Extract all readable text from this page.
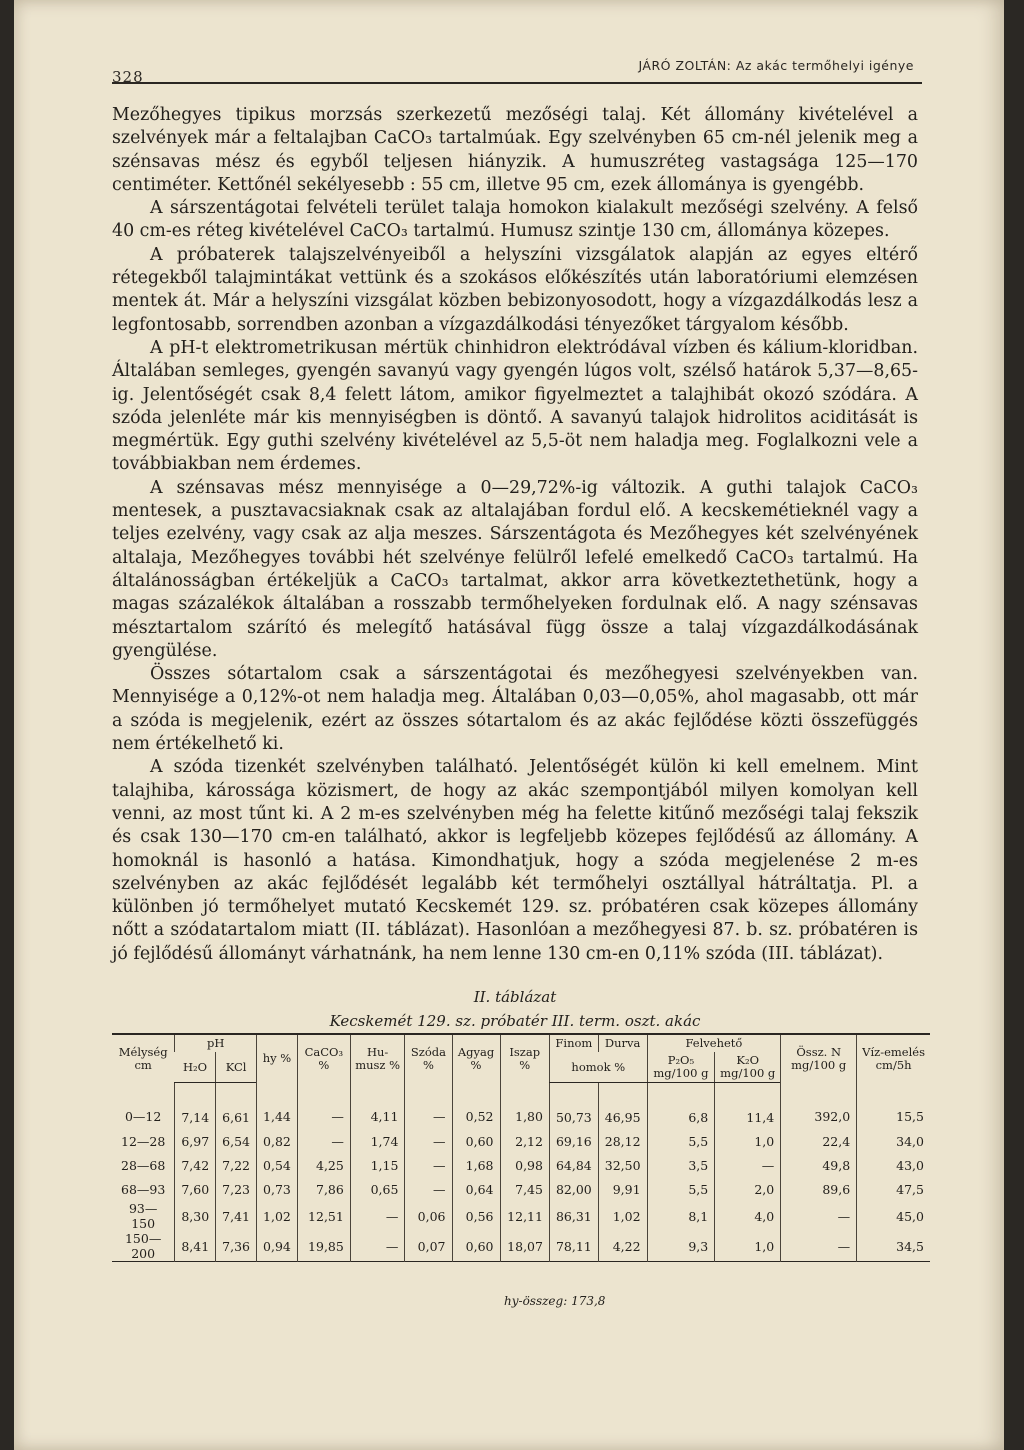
328
JÁRÓ ZOLTÁN: Az akác termőhelyi igénye

Mezőhegyes tipikus morzsás szerkezetű mezőségi talaj. Két állomány kivételével a szelvények már a feltalajban CaCO₃ tartalmúak. Egy szelvényben 65 cm-nél jelenik meg a szénsavas mész és egyből teljesen hiányzik. A humuszréteg vastagsága 125—170 centiméter. Kettőnél sekélyesebb : 55 cm, illetve 95 cm, ezek állománya is gyengébb.

A sárszentágotai felvételi terület talaja homokon kialakult mezőségi szelvény. A felső 40 cm-es réteg kivételével CaCO₃ tartalmú. Humusz szintje 130 cm, állománya közepes.

A próbaterek talajszelvényeiből a helyszíni vizsgálatok alapján az egyes eltérő rétegekből talajmintákat vettünk és a szokásos előkészítés után laboratóriumi elemzésen mentek át. Már a helyszíni vizsgálat közben bebizonyosodott, hogy a vízgazdálkodás lesz a legfontosabb, sorrendben azonban a vízgazdálkodási tényezőket tárgyalom később.

A pH-t elektrometrikusan mértük chinhidron elektródával vízben és kálium-kloridban. Általában semleges, gyengén savanyú vagy gyengén lúgos volt, szélső határok 5,37—8,65-ig. Jelentőségét csak 8,4 felett látom, amikor figyelmeztet a talajhibát okozó szódára. A szóda jelenléte már kis mennyiségben is döntő. A savanyú talajok hidrolitos aciditását is megmértük. Egy guthi szelvény kivételével az 5,5-öt nem haladja meg. Foglalkozni vele a továbbiakban nem érdemes.

A szénsavas mész mennyisége a 0—29,72%-ig változik. A guthi talajok CaCO₃ mentesek, a pusztavacsiaknak csak az altalajában fordul elő. A kecskemétieknél vagy a teljes ezelvény, vagy csak az alja meszes. Sárszentágota és Mezőhegyes két szelvényének altalaja, Mezőhegyes további hét szelvénye felülről lefelé emelkedő CaCO₃ tartalmú. Ha általánosságban értékeljük a CaCO₃ tartalmat, akkor arra következtethetünk, hogy a magas százalékok általában a rosszabb termőhelyeken fordulnak elő. A nagy szénsavas mésztartalom szárító és melegítő hatásával függ össze a talaj vízgazdálkodásának gyengülése.

Összes sótartalom csak a sárszentágotai és mezőhegyesi szelvényekben van. Mennyisége a 0,12%-ot nem haladja meg. Általában 0,03—0,05%, ahol magasabb, ott már a szóda is megjelenik, ezért az összes sótartalom és az akác fejlődése közti összefüggés nem értékelhető ki.

A szóda tizenkét szelvényben található. Jelentőségét külön ki kell emelnem. Mint talajhiba, károssága közismert, de hogy az akác szempontjából milyen komolyan kell venni, az most tűnt ki. A 2 m-es szelvényben még ha felette kitűnő mezőségi talaj fekszik és csak 130—170 cm-en található, akkor is legfeljebb közepes fejlődésű az állomány. A homoknál is hasonló a hatása. Kimondhatjuk, hogy a szóda megjelenése 2 m-es szelvényben az akác fejlődését legalább két termőhelyi osztállyal hátráltatja. Pl. a különben jó termőhelyet mutató Kecskemét 129. sz. próbatéren csak közepes állomány nőtt a szódatartalom miatt (II. táblázat). Hasonlóan a mezőhegyesi 87. b. sz. próbatéren is jó fejlődésű állományt várhatnánk, ha nem lenne 130 cm-en 0,11% szóda (III. táblázat).

II. táblázat
Kecskemét 129. sz. próbatér III. term. oszt. akác
Mélység cm	pH		hy %	CaCO₃ %	Hu-musz %	Szóda %	Agyag %	Iszap %	Finom	Durva	Felvehető		Össz. N mg/100 g	Víz-emelés cm/5h
	H₂O	KCl							homok %		P₂O₅ mg/100 g	K₂O mg/100 g		
0—12	7,14	6,61	1,44	—	4,11	—	0,52	1,80	50,73	46,95	6,8	11,4	392,0	15,5
12—28	6,97	6,54	0,82	—	1,74	—	0,60	2,12	69,16	28,12	5,5	1,0	22,4	34,0
28—68	7,42	7,22	0,54	4,25	1,15	—	1,68	0,98	64,84	32,50	3,5	—	49,8	43,0
68—93	7,60	7,23	0,73	7,86	0,65	—	0,64	7,45	82,00	9,91	5,5	2,0	89,6	47,5
93—150	8,30	7,41	1,02	12,51	—	0,06	0,56	12,11	86,31	1,02	8,1	4,0	—	45,0
150—200	8,41	7,36	0,94	19,85	—	0,07	0,60	18,07	78,11	4,22	9,3	1,0	—	34,5
hy-összeg: 173,8
